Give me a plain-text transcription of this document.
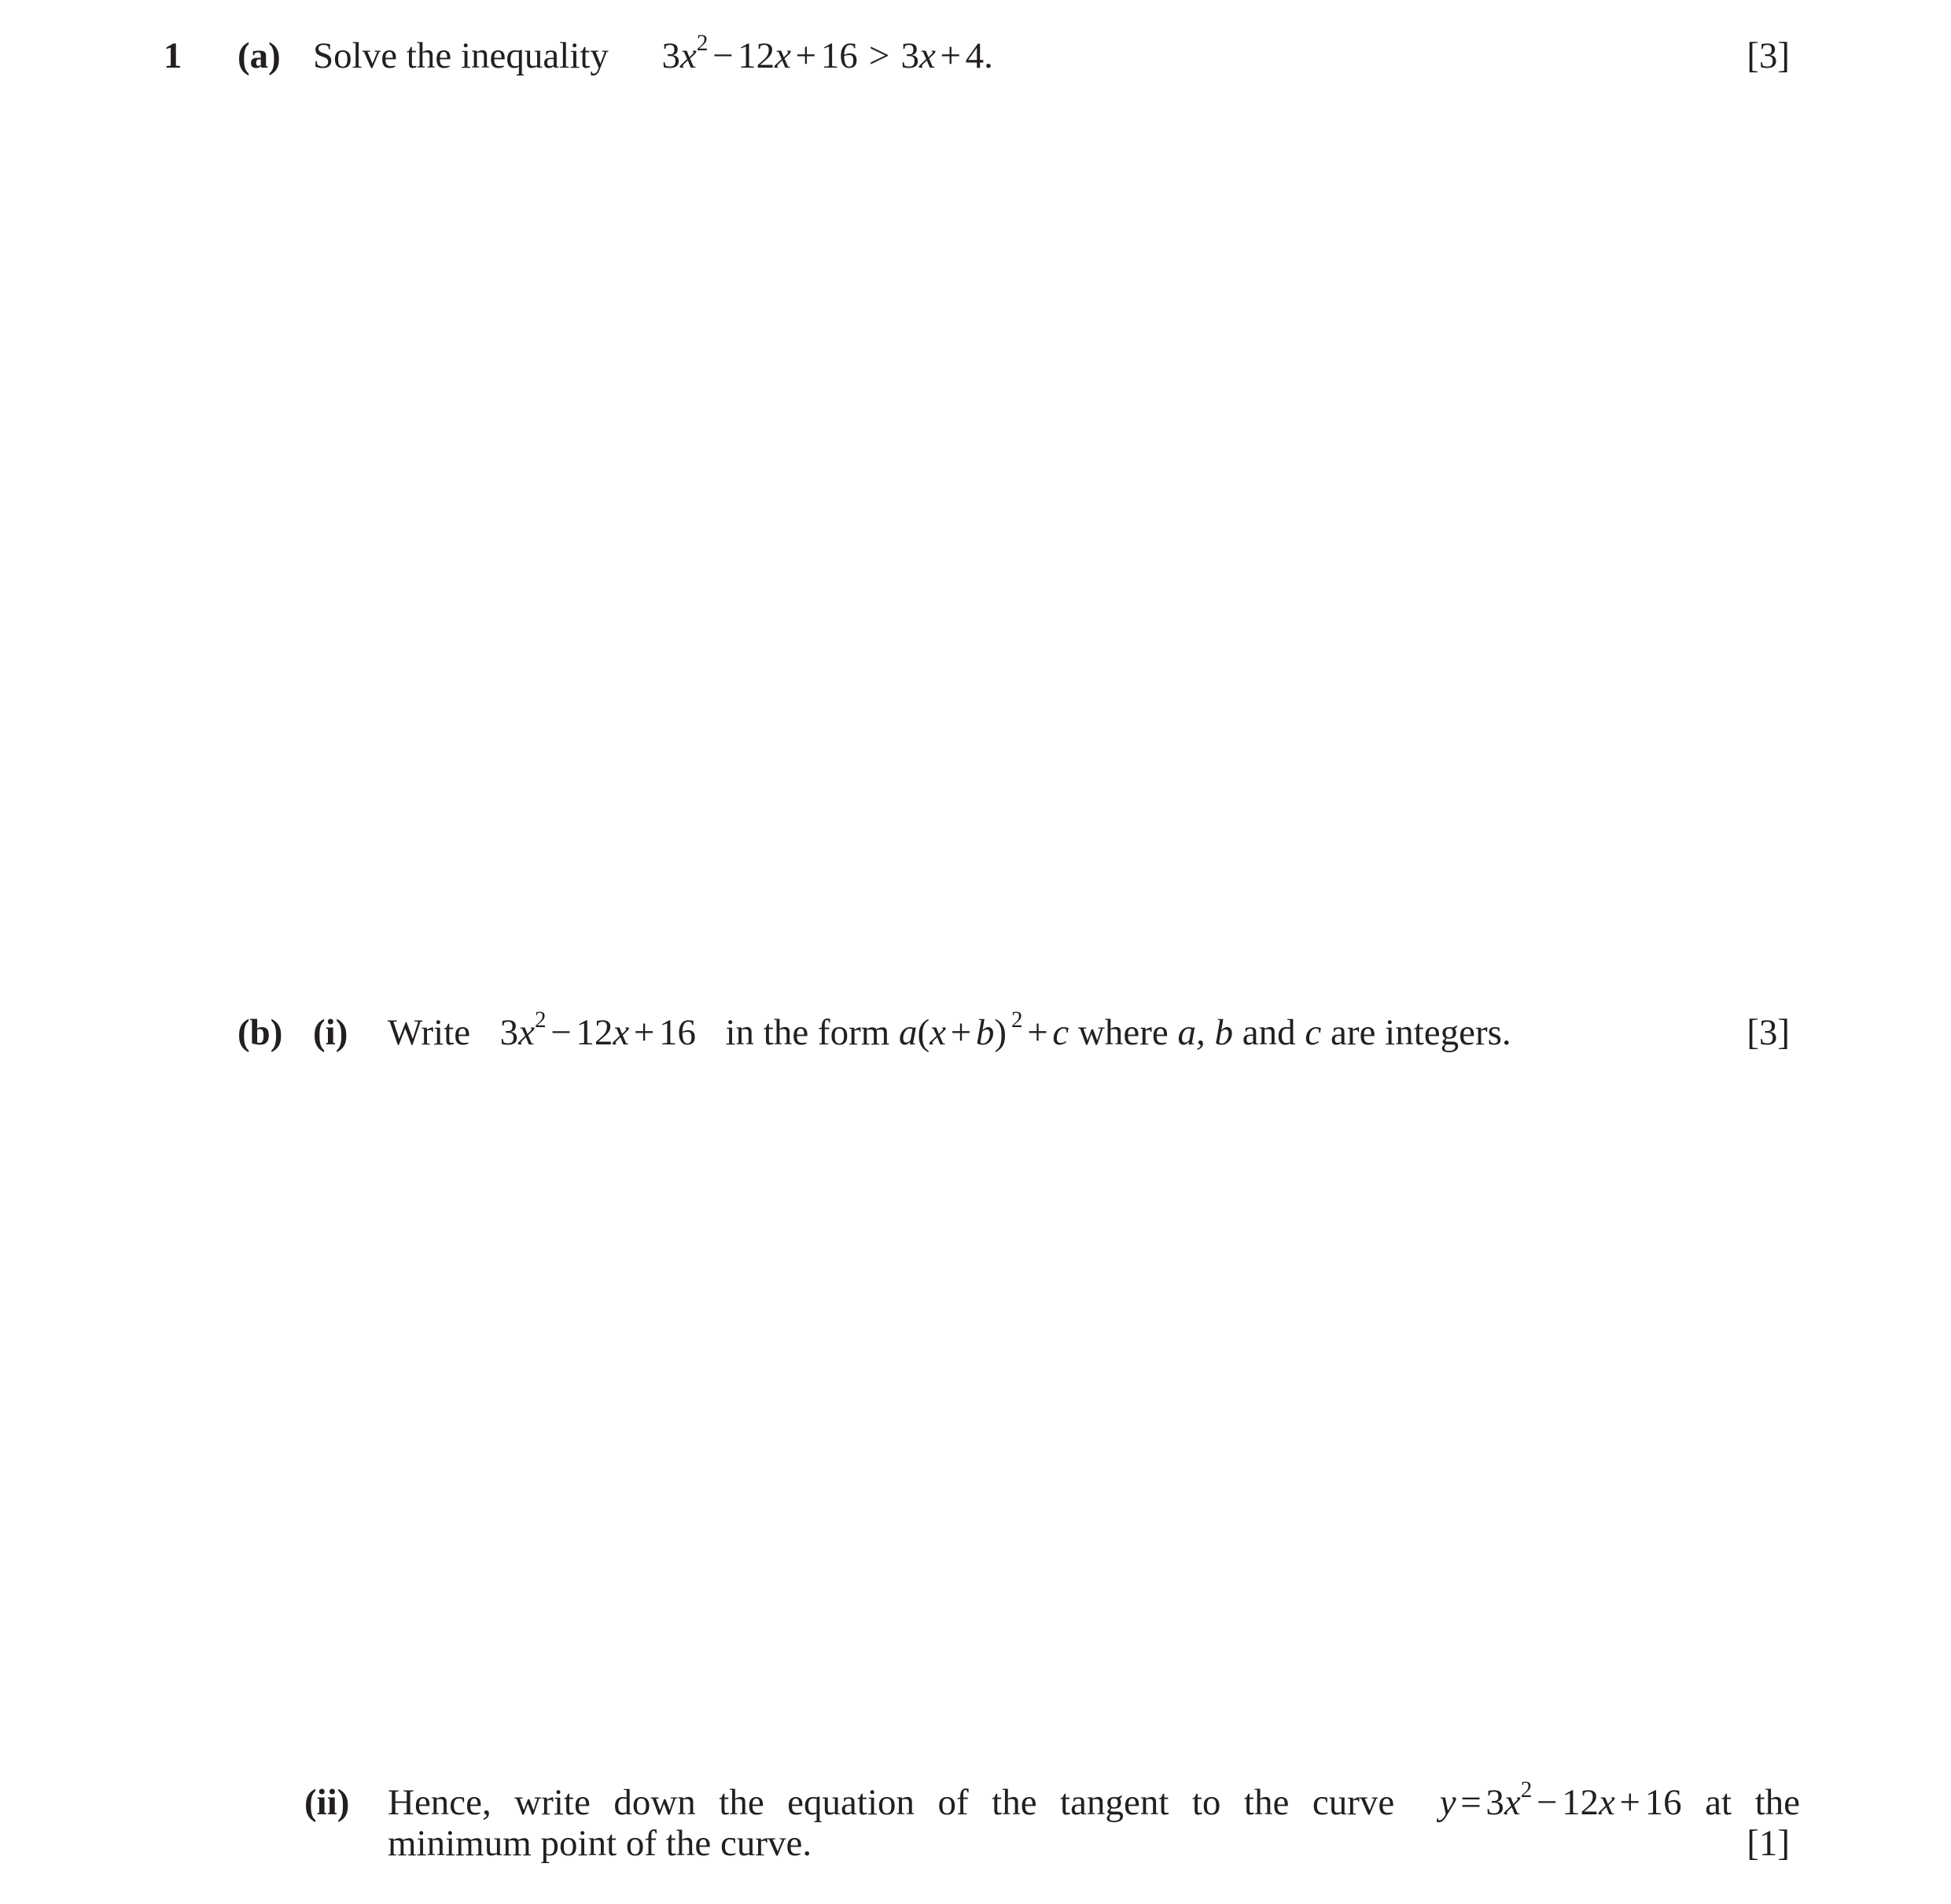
1 (a) Solve the inequality $3x^2 - 12x + 16 > 3x + 4$.	[3]
(b) (i) Write $3x^2 - 12x + 16$ in the form a(x + b) $^2$ + c where a, b and c are integers.	[3]
(ii) Hence, write down the equation of the tangent to the curve	$y = 3x^2 - 12x + 16$ at the
minimum point of the curve.	[1]
